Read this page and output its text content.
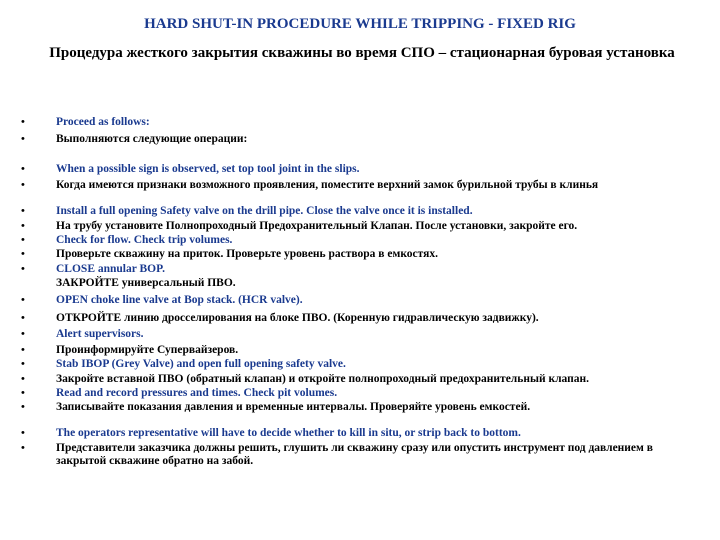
HARD SHUT-IN PROCEDURE WHILE TRIPPING - FIXED RIG
Процедура жесткого закрытия скважины во время СПО – стационарная буровая установка
•	Proceed as follows:
•	Выполняются следующие операции:
•	When a possible sign is observed, set top tool joint in the slips.
•	Когда имеются признаки возможного проявления, поместите верхний замок бурильной трубы в клинья
•	Install a full opening Safety valve on the drill pipe. Close the valve once it is installed.
•	На трубу установите Полнопроходный Предохранительный Клапан. После установки, закройте его.
•	Check for flow. Check trip volumes.
•	Проверьте скважину на приток. Проверьте уровень раствора в емкостях.
•	CLOSE annular BOP.
ЗАКРОЙТЕ универсальный ПВО.
•	OPEN choke line valve at Bop stack. (HCR valve).
•	ОТКРОЙТЕ линию дросселирования на блоке ПВО. (Коренную гидравлическую задвижку).
•	Alert supervisors.
•	Проинформируйте Супервайзеров.
•	Stab IBOP (Grey Valve) and open full opening safety valve.
•	Закройте вставной ПВО (обратный клапан) и откройте полнопроходный предохранительный клапан.
•	Read and record pressures and times. Check pit volumes.
•	Записывайте показания давления и временные интервалы. Проверяйте уровень емкостей.
•	The operators representative will have to decide whether to kill in situ, or strip back to bottom.
•	Представители заказчика должны решить, глушить ли скважину сразу или опустить инструмент под давлением в закрытой скважине обратно на забой.
